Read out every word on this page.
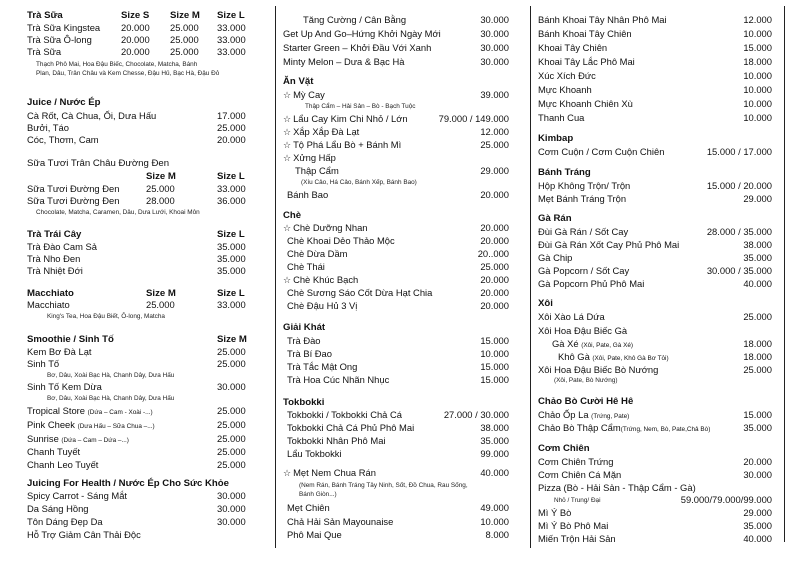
Trà Sữa	Size S Size M Size L
Trà Sữa Kingstea 20.000 25.000 33.000
Trà Sữa Ô-long	20.000 25.000 33.000
Trà Sữa	20.000 25.000 33.000
Thạch Phô Mai, Hoa Đậu Biếc, Chocolate, Matcha, Bánh
Plan, Dâu, Trân Châu và Kem Chesse, Đậu Hủ, Bạc Hà, Đậu Đỏ
Juice / Nước Ép
Cà Rốt, Cà Chua, Ổi, Dưa Hấu	17.000
Bưởi, Táo	25.000
Cóc, Thơm, Cam	20.000
Sữa Tươi Trân Châu Đường Đen
Size M	Size L
Sữa Tươi Đường Đen	25.000	33.000
Sữa Tươi Đường Đen	28.000	36.000
Chocolate, Matcha, Caramen, Dâu, Dưa Lưới, Khoai Môn
Trà Trái Cây	Size L
Trà Đào Cam Sả	35.000
Trà Nho Đen	35.000
Trà Nhiệt Đới	35.000
Macchiato	Size M	Size L
Macchiato	25.000	33.000
King's Tea, Hoa Đậu Biết, Ô-long, Matcha
Smoothie / Sinh Tố	Size M
Kem Bơ Đà Lạt	25.000
Sinh Tố	25.000
Bơ, Dâu, Xoài Bạc Hà, Chanh Dây, Dưa Hấu
Sinh Tố Kem Dừa	30.000
Bơ, Dâu, Xoài Bạc Hà, Chanh Dây, Dưa Hấu
Tropical Store (Dứa – Cam - Xoài -...)	25.000
Pink Cheek (Dưa Hấu – Sữa Chua –...)	25.000
Sunrise (Dứa – Cam – Dứa –...)	25.000
Chanh Tuyết	25.000
Chanh Leo Tuyết	25.000
Juicing For Health / Nước Ép Cho Sức Khỏe
Spicy Carrot - Sáng Mắt	30.000
Da Sáng Hồng	30.000
Tôn Dáng Đẹp Da	30.000
Hỗ Trợ Giảm Cân Thải Độc
Tăng Cường / Cân Bằng	30.000
Get Up And Go–Hứng Khởi Ngày Mới	30.000
Starter Green – Khởi Đầu Với Xanh	30.000
Minty Melon – Dưa & Bạc Hà	30.000
Ăn Vặt
☆ Mỳ Cay	39.000
Thập Cẩm – Hải Sản – Bò - Bạch Tuộc
☆ Lẩu Cay Kim Chi Nhỏ / Lớn	79.000 / 149.000
☆ Xắp Xắp Đà Lạt	12.000
☆ Tộ Phá Lẩu Bò + Bánh Mì	25.000
☆ Xửng Hấp
Thập Cẩm	29.000
(Xíu Cảo, Há Cảo, Bánh Xếp, Bánh Bao)
Bánh Bao	20.000
Chè
☆ Chè Dưỡng Nhan	20.000
Chè Khoai Dẻo Thảo Mộc	20.000
Chè Dừa Dầm	20..000
Chè Thái	25.000
☆ Chè Khúc Bạch	20.000
Chè Sương Sáo Cốt Dừa Hạt Chia	20.000
Chè Đậu Hủ 3 Vị	20.000
Giải Khát
Trà Đào	15.000
Trà Bí Đao	10.000
Trà Tắc Mật Ong	15.000
Trà Hoa Cúc Nhãn Nhục	15.000
Tokbokki
Tokbokki / Tokbokki Chả Cá	27.000 / 30.000
Tokbokki Chả Cá Phủ Phô Mai	38.000
Tokbokki Nhân Phô Mai	35.000
Lẩu Tokbokki	99.000
☆ Mẹt Nem Chua Rán	40.000
(Nem Rán, Bánh Tráng Tây Ninh, Sốt, Đồ Chua, Rau Sống,
Bánh Giòn...)
Mẹt Chiên	49.000
Chả Hải Sản Mayounaise	10.000
Phô Mai Que	8.000
Bánh Khoai Tây Nhân Phô Mai	12.000
Bánh Khoai Tây Chiên	10.000
Khoai Tây Chiên	15.000
Khoai Tây Lắc Phô Mai	18.000
Xúc Xích Đức	10.000
Mực Khoanh	10.000
Mực Khoanh Chiên Xù	10.000
Thanh Cua	10.000
Kimbap
Cơm Cuộn / Cơm Cuộn Chiên	15.000 / 17.000
Bánh Tráng
Hộp Không Trộn/ Trộn	15.000 / 20.000
Mẹt Bánh Tráng Trộn	29.000
Gà Rán
Đùi Gà Rán / Sốt Cay	28.000 / 35.000
Đùi Gà Rán Xốt Cay Phủ Phô Mai	38.000
Gà Chip	35.000
Gà Popcorn / Sốt Cay	30.000 / 35.000
Gà Popcorn Phủ Phô Mai	40.000
Xôi
Xôi Xào Lá Dứa	25.000
Xôi Hoa Đậu Biếc Gà
Gà Xé (Xôi, Pate, Gà Xé)	18.000
Khô Gà (Xôi, Pate, Khô Gà Bơ Tỏi)	18.000
Xôi Hoa Đậu Biếc Bò Nướng	25.000
(Xôi, Pate, Bò Nướng)
Chảo Bò Cười Hê Hê
Chảo Ốp La (Trứng, Pate)	15.000
Chảo Bò Thập Cẩm(Trứng, Nem, Bò, Pate,Chả Bò)	35.000
Cơm Chiên
Cơm Chiên Trứng	20.000
Cơm Chiên Cá Mặn	30.000
Pizza (Bò - Hải Sản - Thập Cẩm - Gà)
Nhỏ / Trung/ Đại	59.000/79.000/99.000
Mì Ý Bò	29.000
Mì Ý Bò Phô Mai	35.000
Miến Trộn Hải Sản	40.000
